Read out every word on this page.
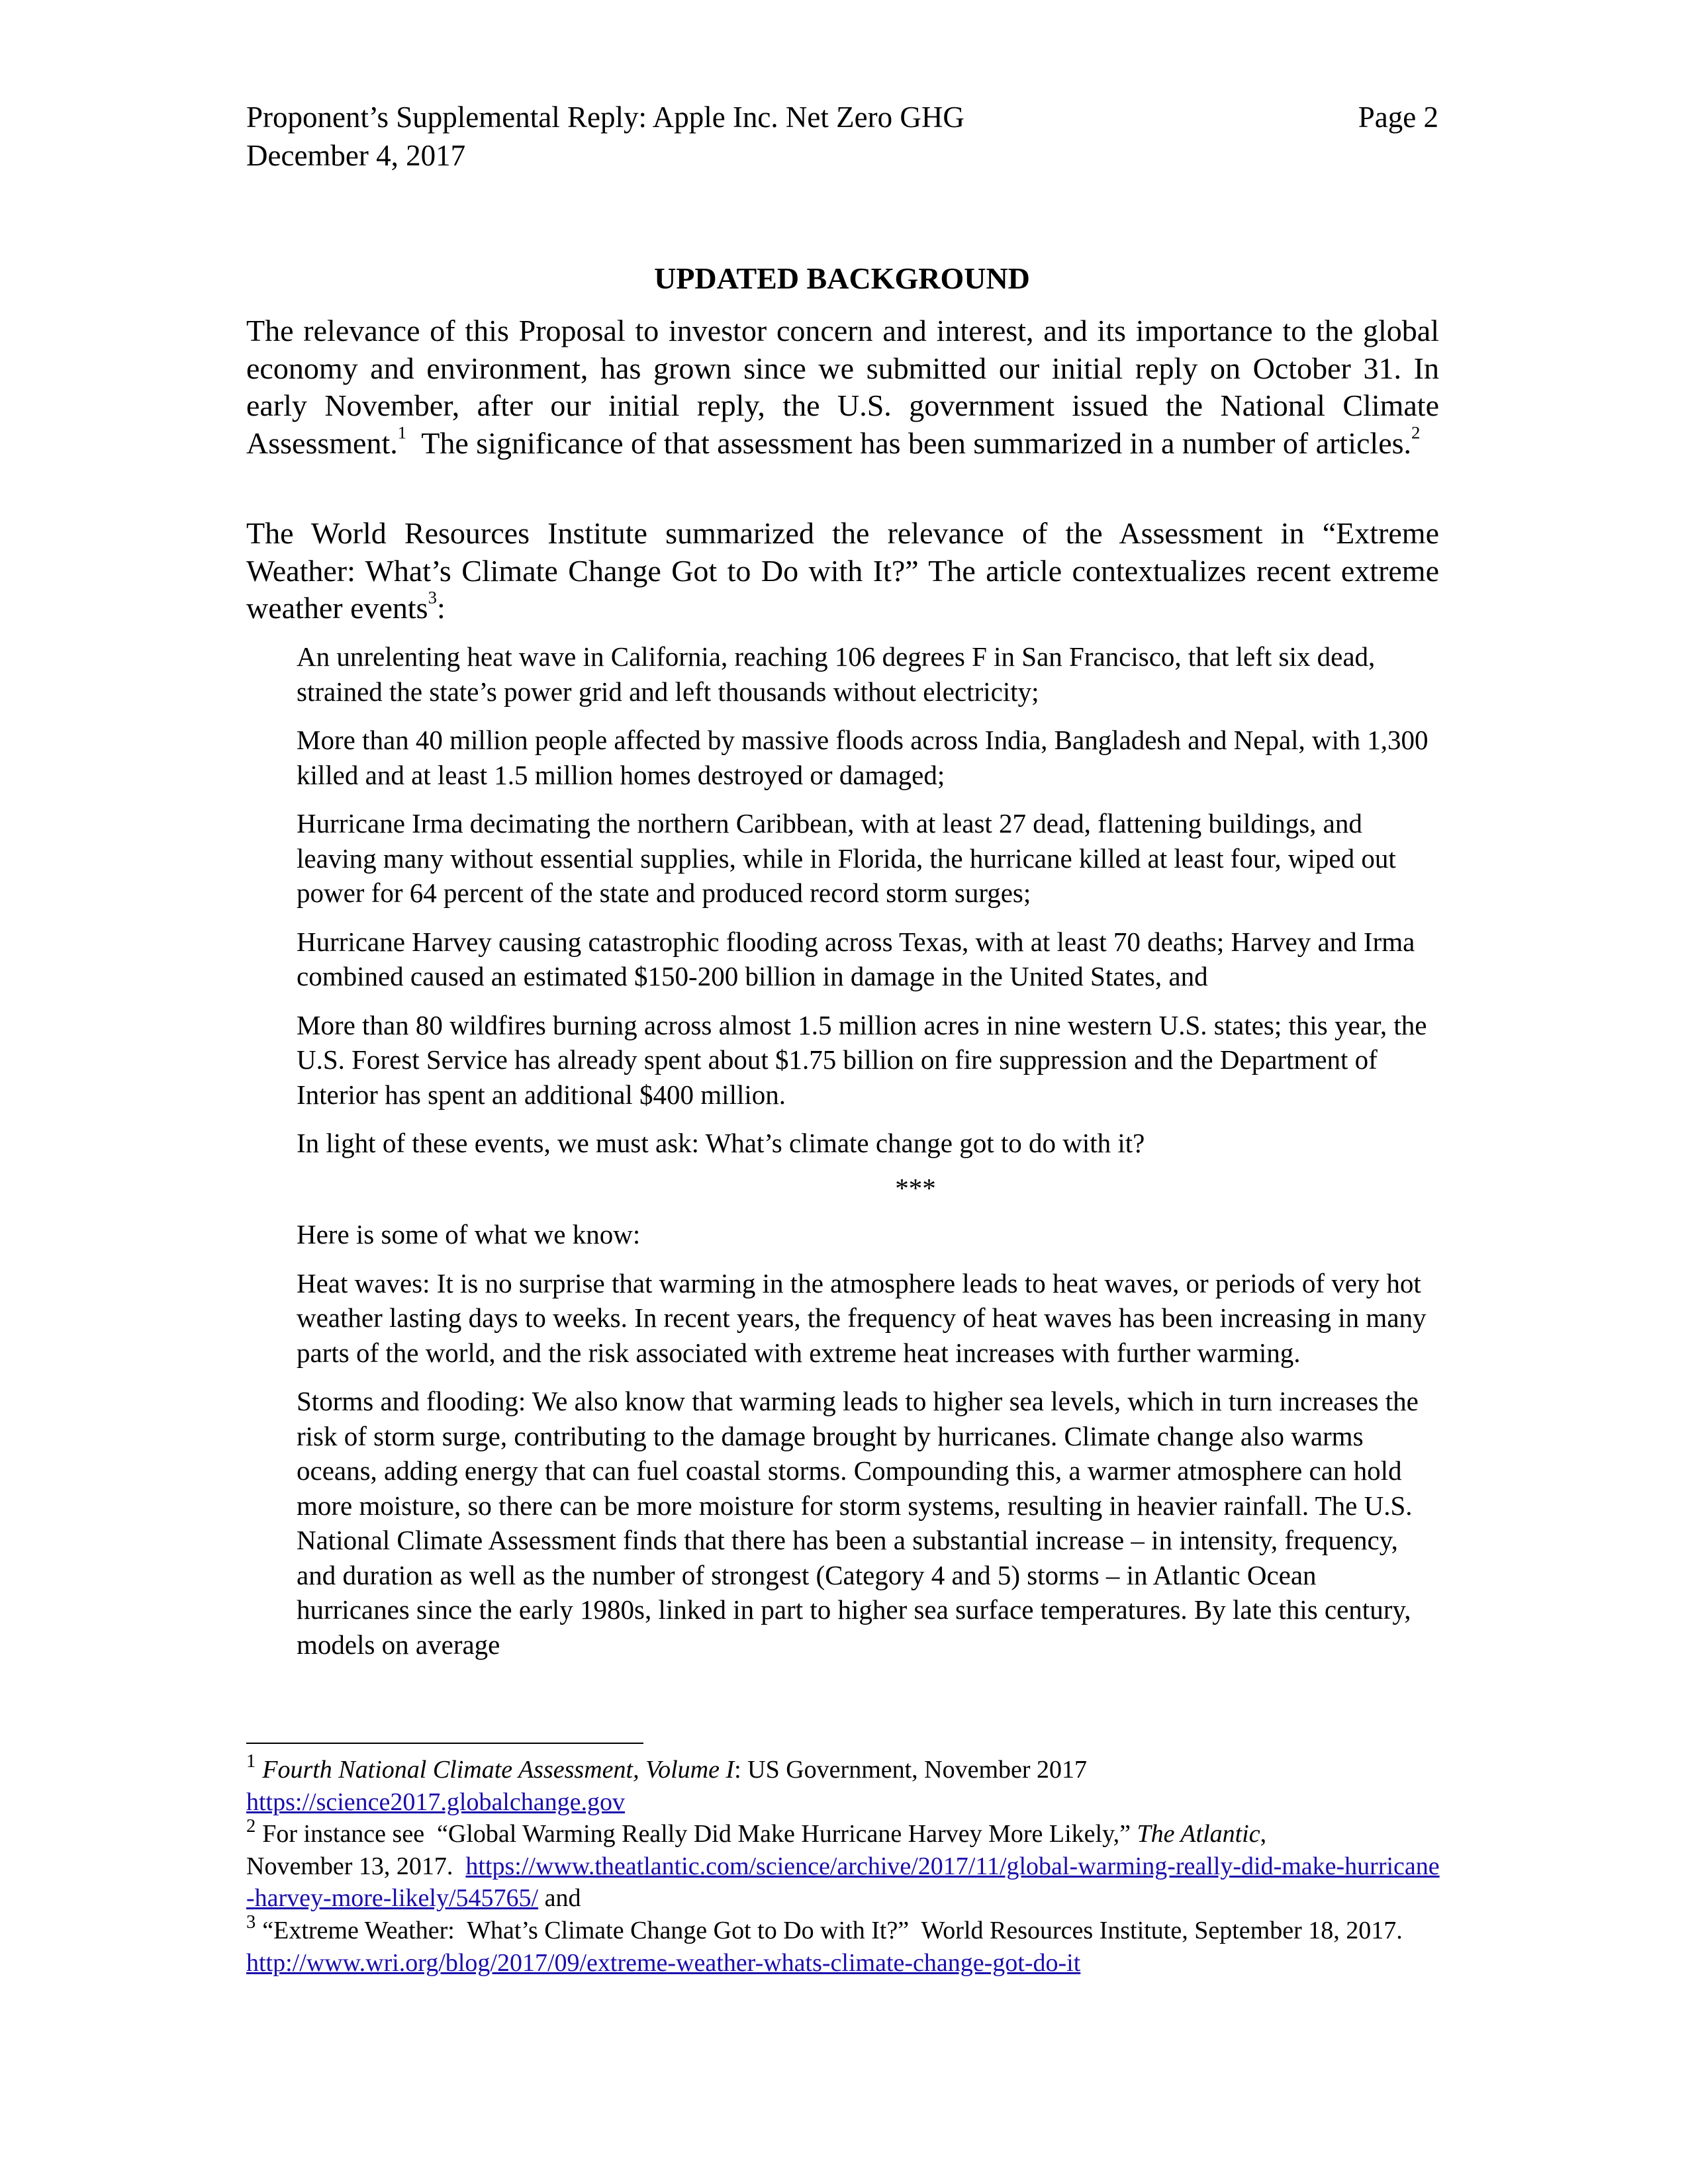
Proponent’s Supplemental Reply: Apple Inc. Net Zero GHG
December 4, 2017
Page 2
UPDATED BACKGROUND
The relevance of this Proposal to investor concern and interest, and its importance to the global economy and environment, has grown since we submitted our initial reply on October 31. In early November, after our initial reply, the U.S. government issued the National Climate Assessment.$^1$  The significance of that assessment has been summarized in a number of articles.$^2$
The World Resources Institute summarized the relevance of the Assessment in “Extreme Weather: What’s Climate Change Got to Do with It?” The article contextualizes recent extreme weather events$^3$:

An unrelenting heat wave in California, reaching 106 degrees F in San Francisco, that left six dead, strained the state’s power grid and left thousands without electricity;

More than 40 million people affected by massive floods across India, Bangladesh and Nepal, with 1,300 killed and at least 1.5 million homes destroyed or damaged;

Hurricane Irma decimating the northern Caribbean, with at least 27 dead, flattening buildings, and leaving many without essential supplies, while in Florida, the hurricane killed at least four, wiped out power for 64 percent of the state and produced record storm surges;

Hurricane Harvey causing catastrophic flooding across Texas, with at least 70 deaths; Harvey and Irma combined caused an estimated $150-200 billion in damage in the United States, and

More than 80 wildfires burning across almost 1.5 million acres in nine western U.S. states; this year, the U.S. Forest Service has already spent about $1.75 billion on fire suppression and the Department of Interior has spent an additional $400 million.

In light of these events, we must ask: What’s climate change got to do with it?

***

Here is some of what we know:

Heat waves: It is no surprise that warming in the atmosphere leads to heat waves, or periods of very hot weather lasting days to weeks. In recent years, the frequency of heat waves has been increasing in many parts of the world, and the risk associated with extreme heat increases with further warming.

Storms and flooding: We also know that warming leads to higher sea levels, which in turn increases the risk of storm surge, contributing to the damage brought by hurricanes. Climate change also warms oceans, adding energy that can fuel coastal storms. Compounding this, a warmer atmosphere can hold more moisture, so there can be more moisture for storm systems, resulting in heavier rainfall. The U.S. National Climate Assessment finds that there has been a substantial increase – in intensity, frequency, and duration as well as the number of strongest (Category 4 and 5) storms – in Atlantic Ocean hurricanes since the early 1980s, linked in part to higher sea surface temperatures. By late this century, models on average

$^1$ Fourth National Climate Assessment, Volume I: US Government, November 2017
https://science2017.globalchange.gov

$^2$ For instance see  “Global Warming Really Did Make Hurricane Harvey More Likely,” The Atlantic,
November 13, 2017.  https://www.theatlantic.com/science/archive/2017/11/global-warming-really-did-make-hurricane-harvey-more-likely/545765/ and

$^3$ “Extreme Weather:  What’s Climate Change Got to Do with It?”  World Resources Institute, September 18, 2017.  http://www.wri.org/blog/2017/09/extreme-weather-whats-climate-change-got-do-it
